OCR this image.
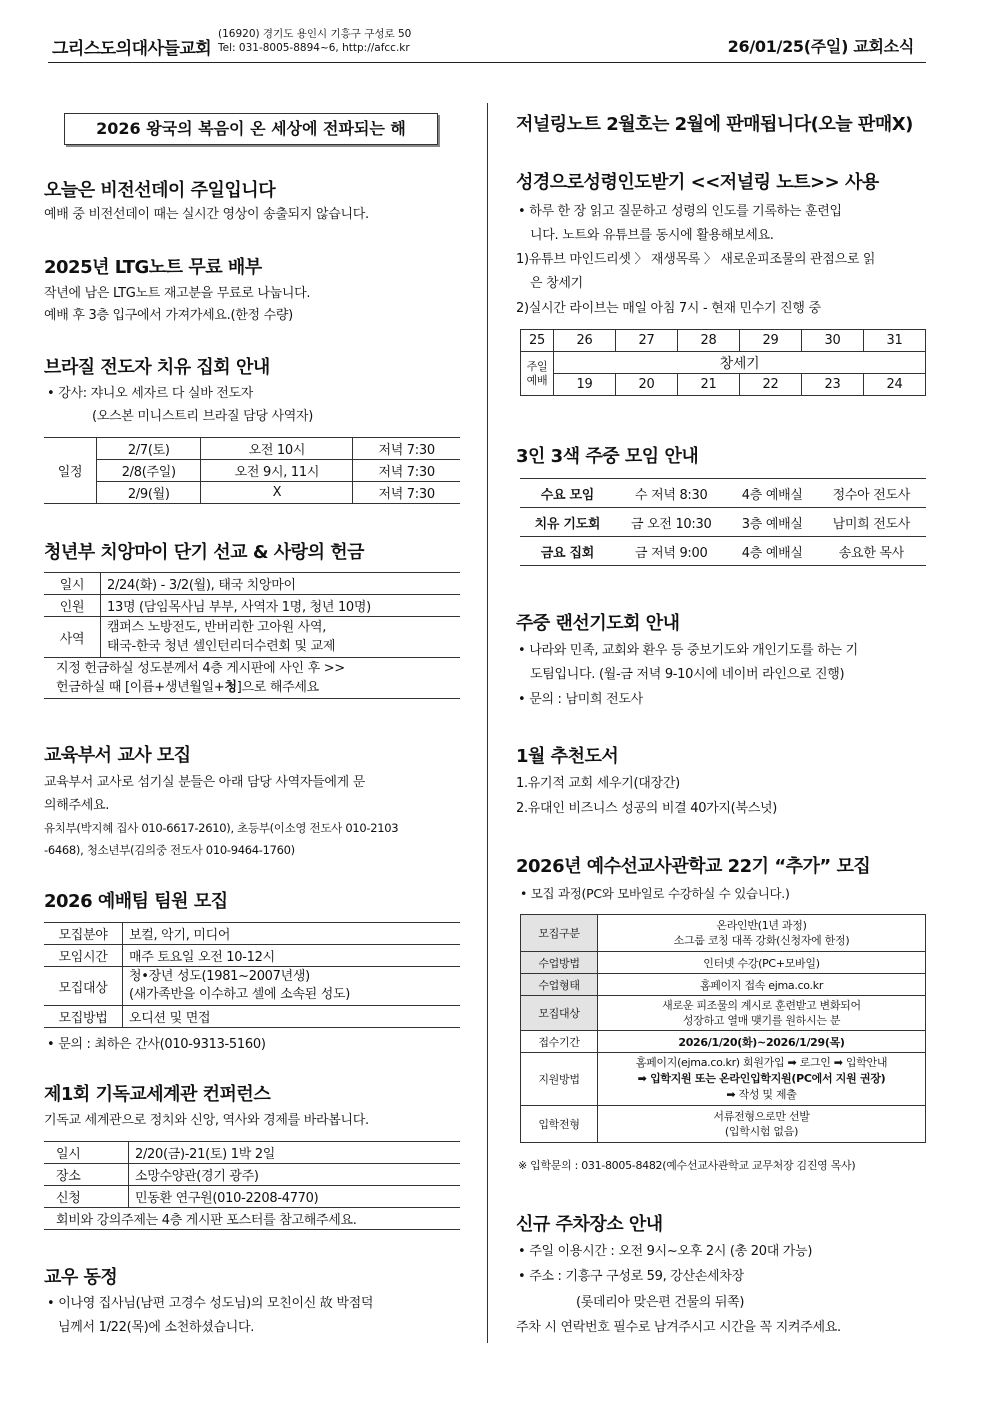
그리스도의대사들교회
(16920) 경기도 용인시 기흥구 구성로 50
Tel: 031-8005-8894~6, http://afcc.kr	26/01/25(주일) 교회소식
2026 왕국의 복음이 온 세상에 전파되는 해
오늘은 비전선데이 주일입니다
예배 중 비전선데이 때는 실시간 영상이 송출되지 않습니다.
2025년 LTG노트 무료 배부
작년에 남은 LTG노트 재고분을 무료로 나눕니다.
예배 후 3층 입구에서 가져가세요.(한정 수량)
브라질 전도자 치유 집회 안내
• 강사: 쟈니오 세자르 다 실바 전도자
(오스본 미니스트리 브라질 담당 사역자)
일정	2/7(토)	오전 10시	저녁 7:30
	2/8(주일)	오전 9시, 11시	저녁 7:30
	2/9(월)	X	저녁 7:30
청년부 치앙마이 단기 선교 & 사랑의 헌금
일시	2/24(화) - 3/2(월), 태국 치앙마이
인원	13명 (담임목사님 부부, 사역자 1명, 청년 10명)
사역	캠퍼스 노방전도, 반버리한 고아원 사역,
태국-한국 청년 셀인턴리더수련회 및 교제

지정 헌금하실 성도분께서 4층 게시판에 사인 후 >>
헌금하실 때 [이름+생년월일+청]으로 해주세요	
교육부서 교사 모집
교육부서 교사로 섬기실 분들은 아래 담당 사역자들에게 문
의해주세요.
유치부(박지혜 집사 010-6617-2610), 초등부(이소영 전도사 010-2103
-6468), 청소년부(김의중 전도사 010-9464-1760)
2026 예배팀 팀원 모집
모집분야	보컬, 악기, 미디어
모임시간	매주 토요일 오전 10-12시
모집대상	청•장년 성도(1981~2007년생)
(새가족반을 이수하고 셀에 소속된 성도)

모집방법	오디션 및 면접
• 문의 : 최하은 간사(010-9313-5160)
제1회 기독교세계관 컨퍼런스
기독교 세계관으로 정치와 신앙, 역사와 경제를 바라봅니다.
일시	2/20(금)-21(토) 1박 2일
장소	소망수양관(경기 광주)
신청	민동환 연구원(010-2208-4770)
회비와 강의주제는 4층 게시판 포스터를 참고해주세요.	
교우 동정
• 이나영 집사님(남편 고경수 성도님)의 모친이신 故 박점덕
님께서 1/22(목)에 소천하셨습니다.
저널링노트 2월호는 2월에 판매됩니다(오늘 판매X)
성경으로성령인도받기 <<저널링 노트>> 사용
• 하루 한 장 읽고 질문하고 성령의 인도를 기록하는 훈련입
니다. 노트와 유튜브를 동시에 활용해보세요.
1)유튜브 마인드리셋 〉 재생목록 〉 새로운피조물의 관점으로 읽
은 창세기
2)실시간 라이브는 매일 아침 7시 - 현재 민수기 진행 중
25	26	27	28	29	30	31
주일 예배	창세기					
	19	20	21	22	23	24
3인 3색 주중 모임 안내
수요 모임	수 저녁 8:30	4층 예배실	정수아 전도사
치유 기도회	금 오전 10:30	3층 예배실	남미희 전도사
금요 집회	금 저녁 9:00	4층 예배실	송요한 목사
주중 랜선기도회 안내
• 나라와 민족, 교회와 환우 등 중보기도와 개인기도를 하는 기
도팀입니다. (월-금 저녁 9-10시에 네이버 라인으로 진행)
• 문의 : 남미희 전도사
1월 추천도서
1.유기적 교회 세우기(대장간)
2.유대인 비즈니스 성공의 비결 40가지(북스넛)
2026년 예수선교사관학교 22기 “추가” 모집
• 모집 과정(PC와 모바일로 수강하실 수 있습니다.)
모집구분	온라인반(1년 과정)
소그룹 코칭 대폭 강화(신청자에 한정)

수업방법	인터넷 수강(PC+모바일)
수업형태	홈페이지 접속 ejma.co.kr
모집대상	새로운 피조물의 계시로 훈련받고 변화되어
성장하고 열매 맺기를 원하시는 분

접수기간	2026/1/20(화)~2026/1/29(목)
지원방법	홈페이지(ejma.co.kr) 회원가입 ➡ 로그인 ➡ 입학안내
➡ 입학지원 또는 온라인입학지원(PC에서 지원 권장)
➡ 작성 및 제출

입학전형	서류전형으로만 선발
(입학시험 없음)
※ 입학문의 : 031-8005-8482(예수선교사관학교 교무처장 김진영 목사)
신규 주차장소 안내
• 주일 이용시간 : 오전 9시~오후 2시 (총 20대 가능)
• 주소 : 기흥구 구성로 59, 강산손세차장
(롯데리아 맞은편 건물의 뒤쪽)
주차 시 연락번호 필수로 남겨주시고 시간을 꼭 지켜주세요.
